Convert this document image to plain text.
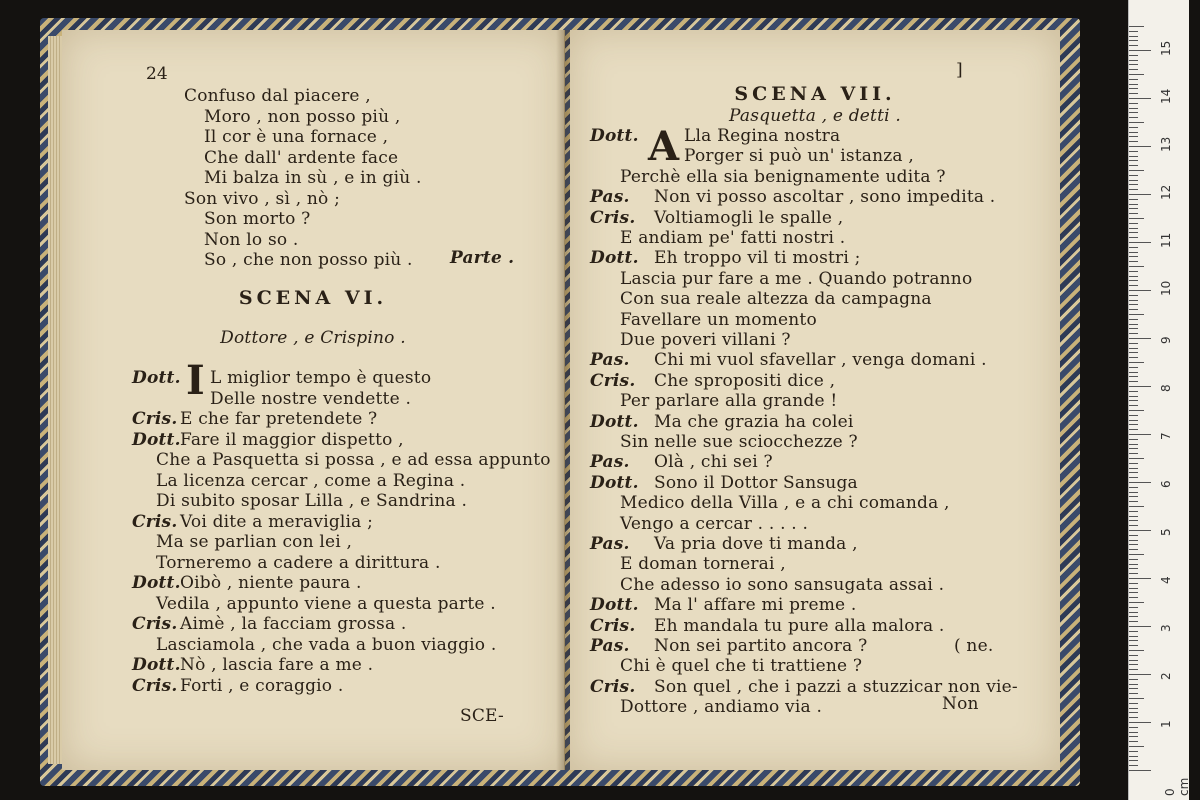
24
Confuso dal piacere ,
Moro , non posso più ,
Il cor è una fornace ,
Che dall' ardente face
Mi balza in sù , e in giù .
Son vivo , sì , nò ;
Son morto ?
Non lo so .
So , che non posso più . Parte .
SCENA VI.
Dottore , e Crispino .
I
Dott. L miglior tempo è questo
Delle nostre vendette .
Cris. E che far pretendete ?
Dott. Fare il maggior dispetto ,
Che a Pasquetta si possa , e ad essa appunto
La licenza cercar , come a Regina .
Di subito sposar Lilla , e Sandrina .
Cris. Voi dite a meraviglia ;
Ma se parlian con lei ,
Torneremo a cadere a dirittura .
Dott. Oibò , niente paura .
Vedila , appunto viene a questa parte .
Cris. Aimè , la facciam grossa .
Lasciamola , che vada a buon viaggio .
Dott. Nò , lascia fare a me .
Cris. Forti , e coraggio .
SCE-
]
SCENA VII.
Pasquetta , e detti .
A
Dott.	Lla Regina nostra
Porger si può un' istanza ,
Perchè ella sia benignamente udita ?
Pas. Non vi posso ascoltar , sono impedita .
Cris. Voltiamogli le spalle ,
E andiam pe' fatti nostri .
Dott. Eh troppo vil ti mostri ;
Lascia pur fare a me . Quando potranno
Con sua reale altezza da campagna
Favellare un momento
Due poveri villani ?
Pas. Chi mi vuol sfavellar , venga domani .
Cris. Che spropositi dice ,
Per parlare alla grande !
Dott. Ma che grazia ha colei
Sin nelle sue sciocchezze ?
Pas. Olà , chi sei ?
Dott. Sono il Dottor Sansuga
Medico della Villa , e a chi comanda ,
Vengo a cercar . . . . .
Pas. Va pria dove ti manda ,
E doman tornerai ,
Che adesso io sono sansugata assai .
Dott. Ma l' affare mi preme .
Cris. Eh mandala tu pure alla malora .
Pas. Non sei partito ancora ?
Chi è quel che ti trattiene ?
Cris. Son quel , che i pazzi a stuzzicar non vie-
Dottore , andiamo via .
( ne.
Non
1
2
3
4
5
6
7
8
9
10
11
12
13
14
15
0 cm
